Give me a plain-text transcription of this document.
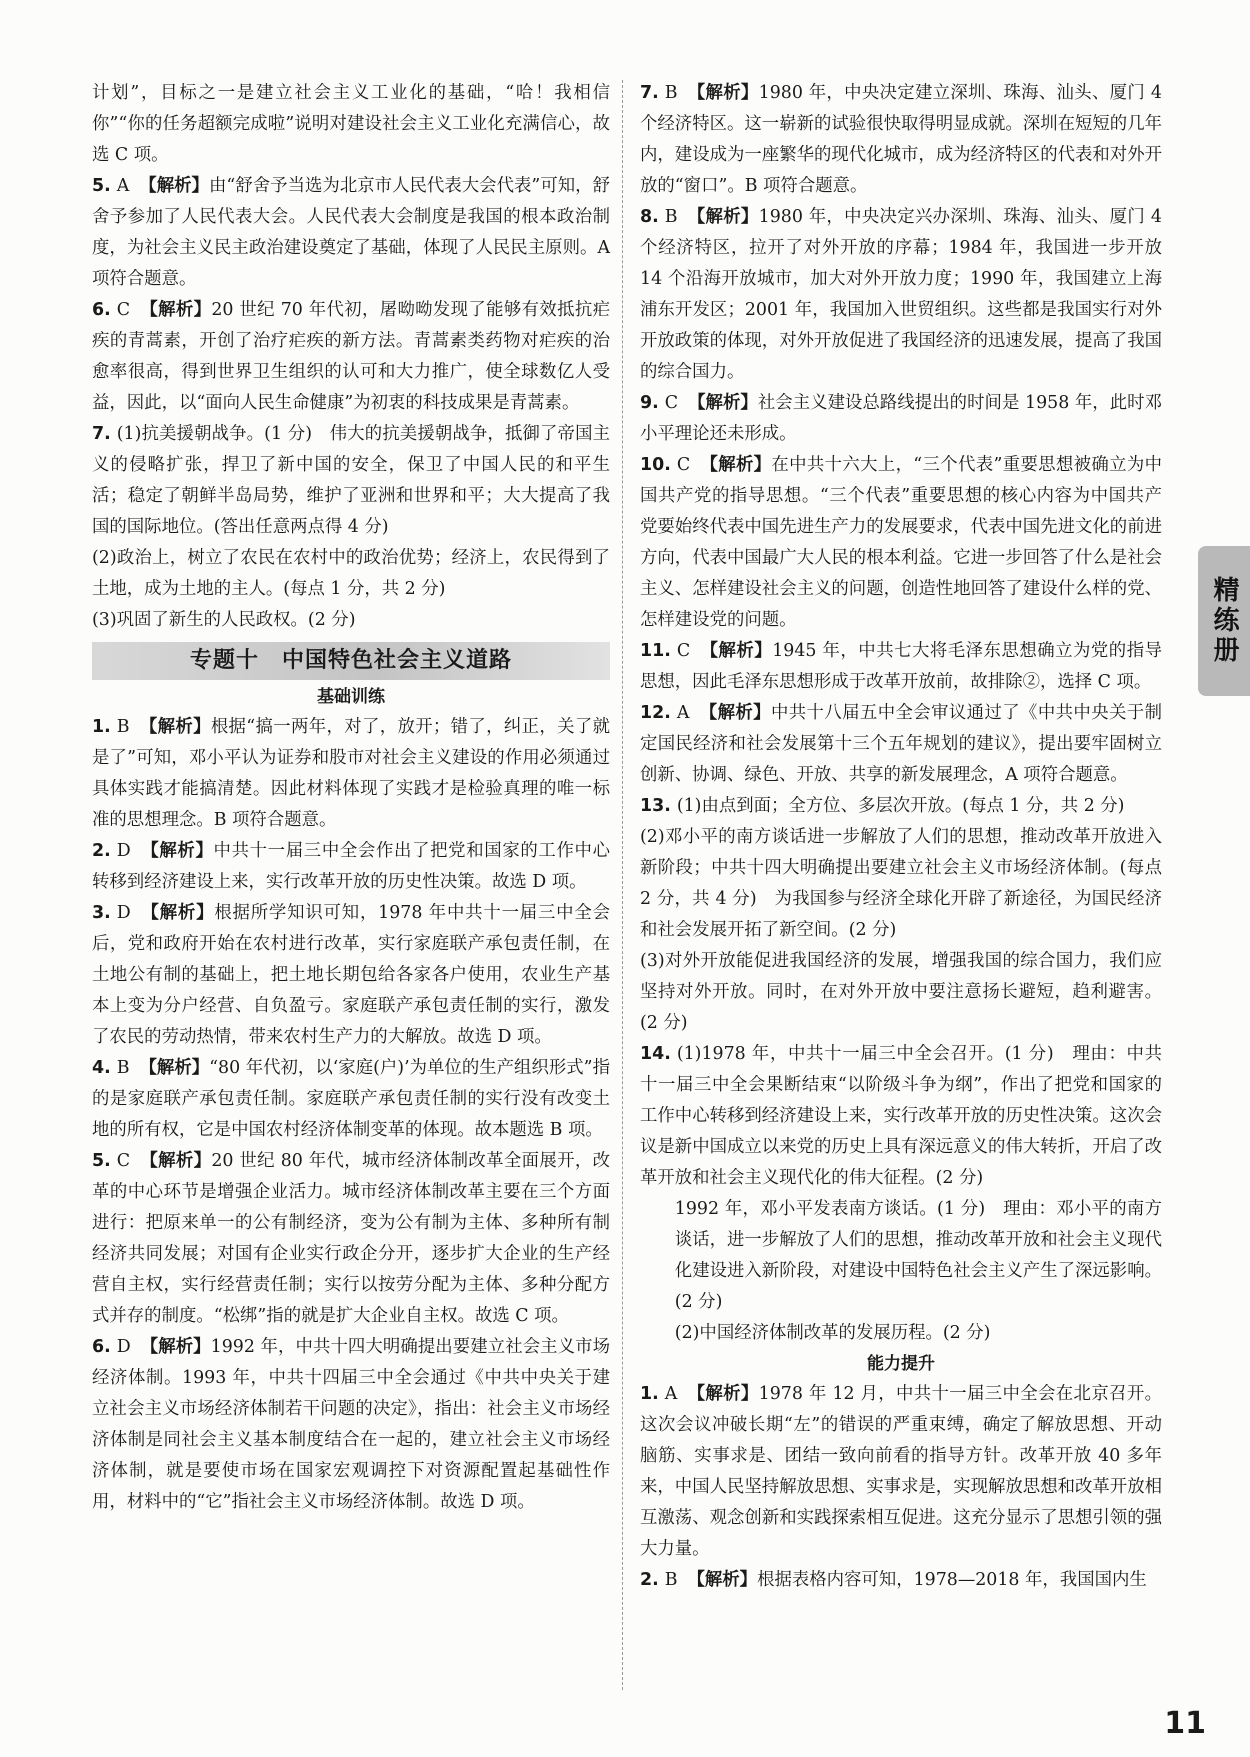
计划”，目标之一是建立社会主义工业化的基础，“哈！我相信你”“你的任务超额完成啦”说明对建设社会主义工业化充满信心，故选 C 项。

5. A 【解析】由“舒舍予当选为北京市人民代表大会代表”可知，舒舍予参加了人民代表大会。人民代表大会制度是我国的根本政治制度，为社会主义民主政治建设奠定了基础，体现了人民民主原则。A 项符合题意。

6. C 【解析】20 世纪 70 年代初，屠呦呦发现了能够有效抵抗疟疾的青蒿素，开创了治疗疟疾的新方法。青蒿素类药物对疟疾的治愈率很高，得到世界卫生组织的认可和大力推广，使全球数亿人受益，因此，以“面向人民生命健康”为初衷的科技成果是青蒿素。

7. (1)抗美援朝战争。(1 分)　伟大的抗美援朝战争，抵御了帝国主义的侵略扩张，捍卫了新中国的安全，保卫了中国人民的和平生活；稳定了朝鲜半岛局势，维护了亚洲和世界和平；大大提高了我国的国际地位。(答出任意两点得 4 分)

(2)政治上，树立了农民在农村中的政治优势；经济上，农民得到了土地，成为土地的主人。(每点 1 分，共 2 分)

(3)巩固了新生的人民政权。(2 分)

专题十　中国特色社会主义道路
基础训练

1. B 【解析】根据“搞一两年，对了，放开；错了，纠正，关了就是了”可知，邓小平认为证券和股市对社会主义建设的作用必须通过具体实践才能搞清楚。因此材料体现了实践才是检验真理的唯一标准的思想理念。B 项符合题意。

2. D 【解析】中共十一届三中全会作出了把党和国家的工作中心转移到经济建设上来，实行改革开放的历史性决策。故选 D 项。

3. D 【解析】根据所学知识可知，1978 年中共十一届三中全会后，党和政府开始在农村进行改革，实行家庭联产承包责任制，在土地公有制的基础上，把土地长期包给各家各户使用，农业生产基本上变为分户经营、自负盈亏。家庭联产承包责任制的实行，激发了农民的劳动热情，带来农村生产力的大解放。故选 D 项。

4. B 【解析】“80 年代初，以‘家庭(户)’为单位的生产组织形式”指的是家庭联产承包责任制。家庭联产承包责任制的实行没有改变土地的所有权，它是中国农村经济体制变革的体现。故本题选 B 项。

5. C 【解析】20 世纪 80 年代，城市经济体制改革全面展开，改革的中心环节是增强企业活力。城市经济体制改革主要在三个方面进行：把原来单一的公有制经济，变为公有制为主体、多种所有制经济共同发展；对国有企业实行政企分开，逐步扩大企业的生产经营自主权，实行经营责任制；实行以按劳分配为主体、多种分配方式并存的制度。“松绑”指的就是扩大企业自主权。故选 C 项。

6. D 【解析】1992 年，中共十四大明确提出要建立社会主义市场经济体制。1993 年，中共十四届三中全会通过《中共中央关于建立社会主义市场经济体制若干问题的决定》，指出：社会主义市场经济体制是同社会主义基本制度结合在一起的，建立社会主义市场经济体制，就是要使市场在国家宏观调控下对资源配置起基础性作用，材料中的“它”指社会主义市场经济体制。故选 D 项。

7. B 【解析】1980 年，中央决定建立深圳、珠海、汕头、厦门 4 个经济特区。这一崭新的试验很快取得明显成就。深圳在短短的几年内，建设成为一座繁华的现代化城市，成为经济特区的代表和对外开放的“窗口”。B 项符合题意。

8. B 【解析】1980 年，中央决定兴办深圳、珠海、汕头、厦门 4 个经济特区，拉开了对外开放的序幕；1984 年，我国进一步开放14 个沿海开放城市，加大对外开放力度；1990 年，我国建立上海浦东开发区；2001 年，我国加入世贸组织。这些都是我国实行对外开放政策的体现，对外开放促进了我国经济的迅速发展，提高了我国的综合国力。

9. C 【解析】社会主义建设总路线提出的时间是 1958 年，此时邓小平理论还未形成。

10. C 【解析】在中共十六大上，“三个代表”重要思想被确立为中国共产党的指导思想。“三个代表”重要思想的核心内容为中国共产党要始终代表中国先进生产力的发展要求，代表中国先进文化的前进方向，代表中国最广大人民的根本利益。它进一步回答了什么是社会主义、怎样建设社会主义的问题，创造性地回答了建设什么样的党、怎样建设党的问题。

11. C 【解析】1945 年，中共七大将毛泽东思想确立为党的指导思想，因此毛泽东思想形成于改革开放前，故排除②，选择 C 项。

12. A 【解析】中共十八届五中全会审议通过了《中共中央关于制定国民经济和社会发展第十三个五年规划的建议》，提出要牢固树立创新、协调、绿色、开放、共享的新发展理念，A 项符合题意。

13. (1)由点到面；全方位、多层次开放。(每点 1 分，共 2 分)

(2)邓小平的南方谈话进一步解放了人们的思想，推动改革开放进入新阶段；中共十四大明确提出要建立社会主义市场经济体制。(每点 2 分，共 4 分)　为我国参与经济全球化开辟了新途径，为国民经济和社会发展开拓了新空间。(2 分)

(3)对外开放能促进我国经济的发展，增强我国的综合国力，我们应坚持对外开放。同时，在对外开放中要注意扬长避短，趋利避害。(2 分)

14. (1)1978 年，中共十一届三中全会召开。(1 分)　理由：中共十一届三中全会果断结束“以阶级斗争为纲”，作出了把党和国家的工作中心转移到经济建设上来，实行改革开放的历史性决策。这次会议是新中国成立以来党的历史上具有深远意义的伟大转折，开启了改革开放和社会主义现代化的伟大征程。(2 分)

1992 年，邓小平发表南方谈话。(1 分)　理由：邓小平的南方谈话，进一步解放了人们的思想，推动改革开放和社会主义现代化建设进入新阶段，对建设中国特色社会主义产生了深远影响。(2 分)

(2)中国经济体制改革的发展历程。(2 分)

能力提升

1. A 【解析】1978 年 12 月，中共十一届三中全会在北京召开。这次会议冲破长期“左”的错误的严重束缚，确定了解放思想、开动脑筋、实事求是、团结一致向前看的指导方针。改革开放 40 多年来，中国人民坚持解放思想、实事求是，实现解放思想和改革开放相互激荡、观念创新和实践探索相互促进。这充分显示了思想引领的强大力量。

2. B 【解析】根据表格内容可知，1978—2018 年，我国国内生

精练册
11
